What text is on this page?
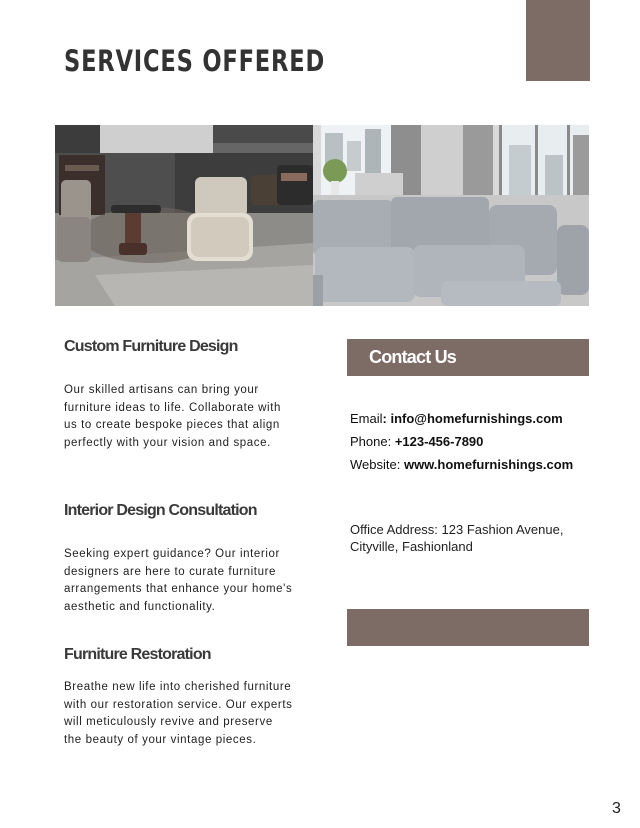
SERVICES OFFERED
Custom Furniture Design

Our skilled artisans can bring your furniture ideas to life. Collaborate with us to create bespoke pieces that align perfectly with your vision and space.

Interior Design Consultation

Seeking expert guidance? Our interior designers are here to curate furniture arrangements that enhance your home's aesthetic and functionality.

Furniture Restoration

Breathe new life into cherished furniture with our restoration service. Our experts will meticulously revive and preserve the beauty of your vintage pieces.

Contact Us
Email: info@homefurnishings.com
Phone: +123-456-7890
Website: www.homefurnishings.com

Office Address: 123 Fashion Avenue, Cityville, Fashionland

3
